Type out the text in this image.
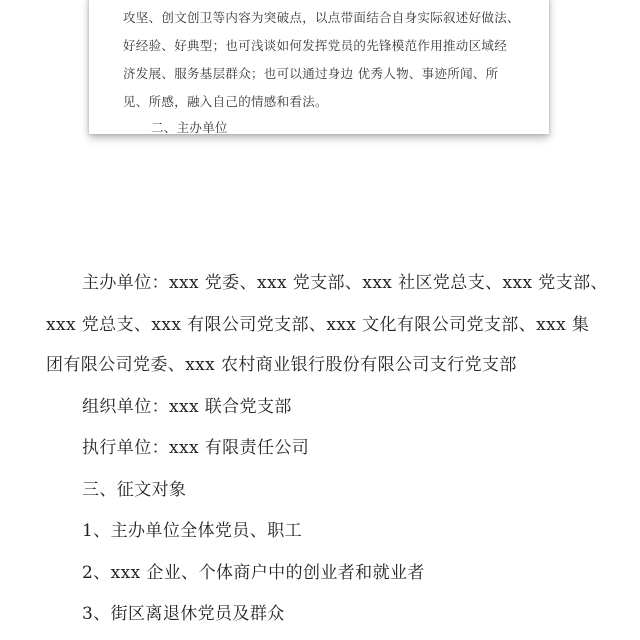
攻坚、创文创卫等内容为突破点，以点带面结合自身实际叙述好做法、
好经验、好典型；也可浅谈如何发挥党员的先锋模范作用推动区域经
济发展、服务基层群众；也可以通过身边 优秀人物、事迹所闻、所
见、所感，融入自己的情感和看法。
二、主办单位
主办单位：xxx 党委、xxx 党支部、xxx 社区党总支、xxx 党支部、
xxx 党总支、xxx 有限公司党支部、xxx 文化有限公司党支部、xxx 集
团有限公司党委、xxx 农村商业银行股份有限公司支行党支部
组织单位：xxx 联合党支部
执行单位：xxx 有限责任公司
三、征文对象
1、主办单位全体党员、职工
2、xxx 企业、个体商户中的创业者和就业者
3、街区离退休党员及群众
